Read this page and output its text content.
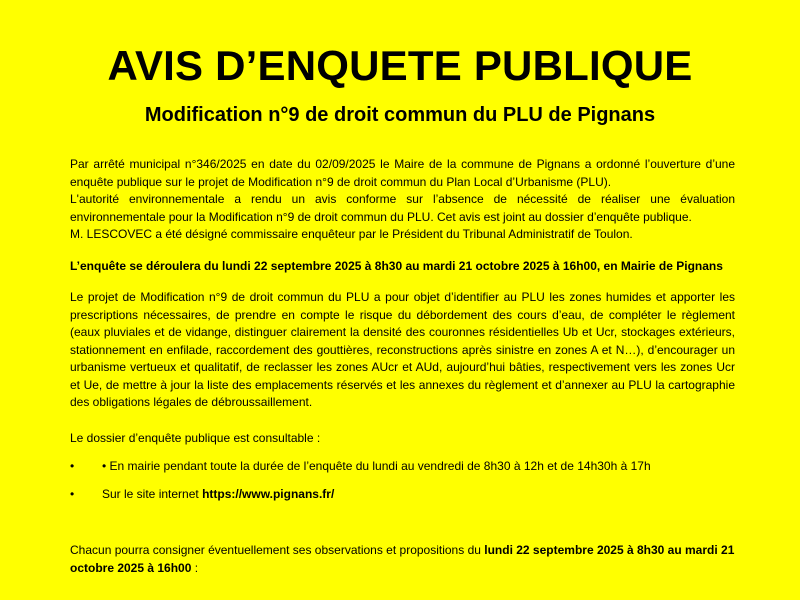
AVIS D’ENQUETE PUBLIQUE
Modification n°9 de droit commun du PLU de Pignans

Par arrêté municipal n°346/2025 en date du 02/09/2025 le Maire de la commune de Pignans a ordonné l’ouverture d’une enquête publique sur le projet de Modification n°9 de droit commun du Plan Local d’Urbanisme (PLU).

L'autorité environnementale a rendu un avis conforme sur l’absence de nécessité de réaliser une évaluation environnementale pour la Modification n°9 de droit commun du PLU. Cet avis est joint au dossier d’enquête publique.

M. LESCOVEC a été désigné commissaire enquêteur par le Président du Tribunal Administratif de Toulon.

L’enquête se déroulera du lundi 22 septembre 2025 à 8h30 au mardi 21 octobre 2025 à 16h00, en Mairie de Pignans

Le projet de Modification n°9 de droit commun du PLU a pour objet d’identifier au PLU les zones humides et apporter les prescriptions nécessaires, de prendre en compte le risque du débordement des cours d’eau, de compléter le règlement (eaux pluviales et de vidange, distinguer clairement la densité des couronnes résidentielles Ub et Ucr, stockages extérieurs, stationnement en enfilade, raccordement des gouttières, reconstructions après sinistre en zones A et N…), d’encourager un urbanisme vertueux et qualitatif, de reclasser les zones AUcr et AUd, aujourd’hui bâties, respectivement vers les zones Ucr et Ue, de mettre à jour la liste des emplacements réservés et les annexes du règlement et d’annexer au PLU la cartographie des obligations légales de débroussaillement.

Le dossier d’enquête publique est consultable :

•	• En mairie pendant toute la durée de l’enquête du lundi au vendredi de 8h30 à 12h et de 14h30h à 17h
•	Sur le site internet https://www.pignans.fr/

Chacun pourra consigner éventuellement ses observations et propositions du lundi 22 septembre 2025 à 8h30 au mardi 21 octobre 2025 à 16h00 :
